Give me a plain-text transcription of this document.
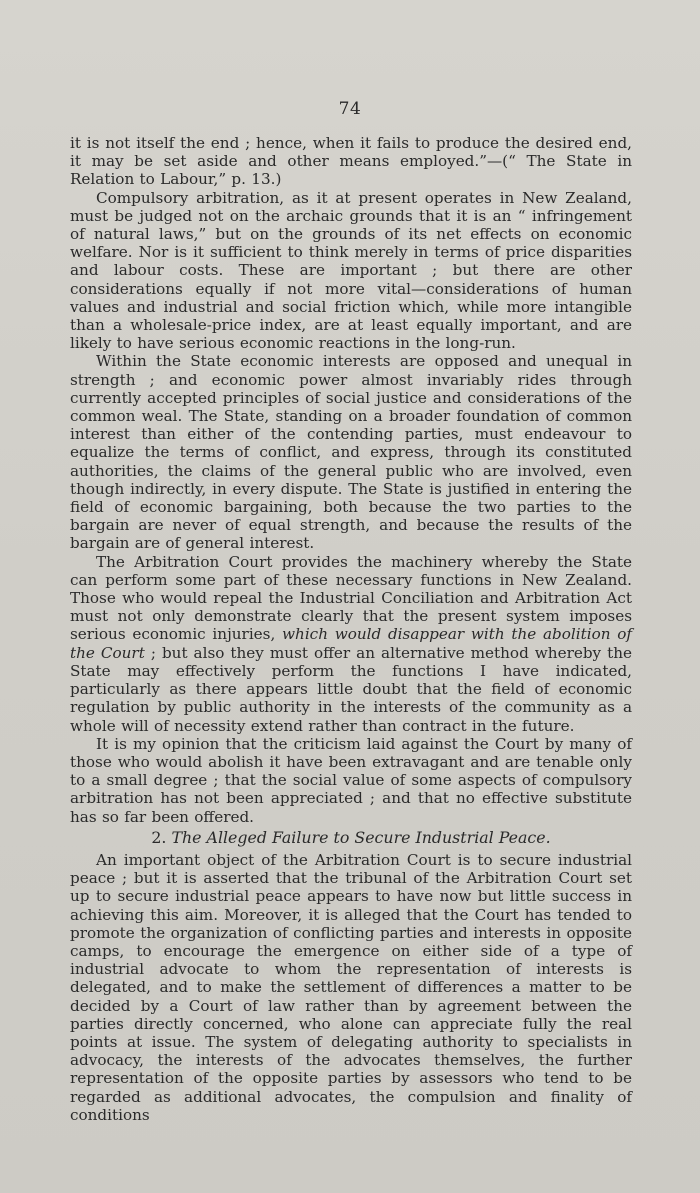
74

it is not itself the end ; hence, when it fails to produce the desired end, it may be set aside and other means employed.”—(“ The State in Relation to Labour,” p. 13.)

Compulsory arbitration, as it at present operates in New Zealand, must be judged not on the archaic grounds that it is an “ infringement of natural laws,” but on the grounds of its net effects on economic welfare. Nor is it sufficient to think merely in terms of price disparities and labour costs. These are important ; but there are other considerations equally if not more vital—considerations of human values and industrial and social friction which, while more intangible than a wholesale-price index, are at least equally important, and are likely to have serious economic reactions in the long-run.

Within the State economic interests are opposed and unequal in strength ; and economic power almost invariably rides through currently accepted principles of social justice and considerations of the common weal. The State, standing on a broader foundation of common interest than either of the contending parties, must endeavour to equalize the terms of conflict, and express, through its constituted authorities, the claims of the general public who are involved, even though indirectly, in every dispute. The State is justified in entering the field of economic bargaining, both because the two parties to the bargain are never of equal strength, and because the results of the bargain are of general interest.

The Arbitration Court provides the machinery whereby the State can perform some part of these necessary functions in New Zealand. Those who would repeal the Industrial Conciliation and Arbitration Act must not only demonstrate clearly that the present system imposes serious economic injuries, which would disappear with the abolition of the Court ; but also they must offer an alternative method whereby the State may effectively perform the functions I have indicated, particularly as there appears little doubt that the field of economic regulation by public authority in the interests of the community as a whole will of necessity extend rather than contract in the future.

It is my opinion that the criticism laid against the Court by many of those who would abolish it have been extravagant and are tenable only to a small degree ; that the social value of some aspects of compulsory arbitration has not been appreciated ; and that no effective substitute has so far been offered.

2. The Alleged Failure to Secure Industrial Peace.

An important object of the Arbitration Court is to secure industrial peace ; but it is asserted that the tribunal of the Arbitration Court set up to secure industrial peace appears to have now but little success in achieving this aim. Moreover, it is alleged that the Court has tended to promote the organization of conflicting parties and interests in opposite camps, to encourage the emergence on either side of a type of industrial advocate to whom the representation of interests is delegated, and to make the settlement of differences a matter to be decided by a Court of law rather than by agreement between the parties directly concerned, who alone can appreciate fully the real points at issue. The system of delegating authority to specialists in advocacy, the interests of the advocates themselves, the further representation of the opposite parties by assessors who tend to be regarded as additional advocates, the compulsion and finality of conditions
